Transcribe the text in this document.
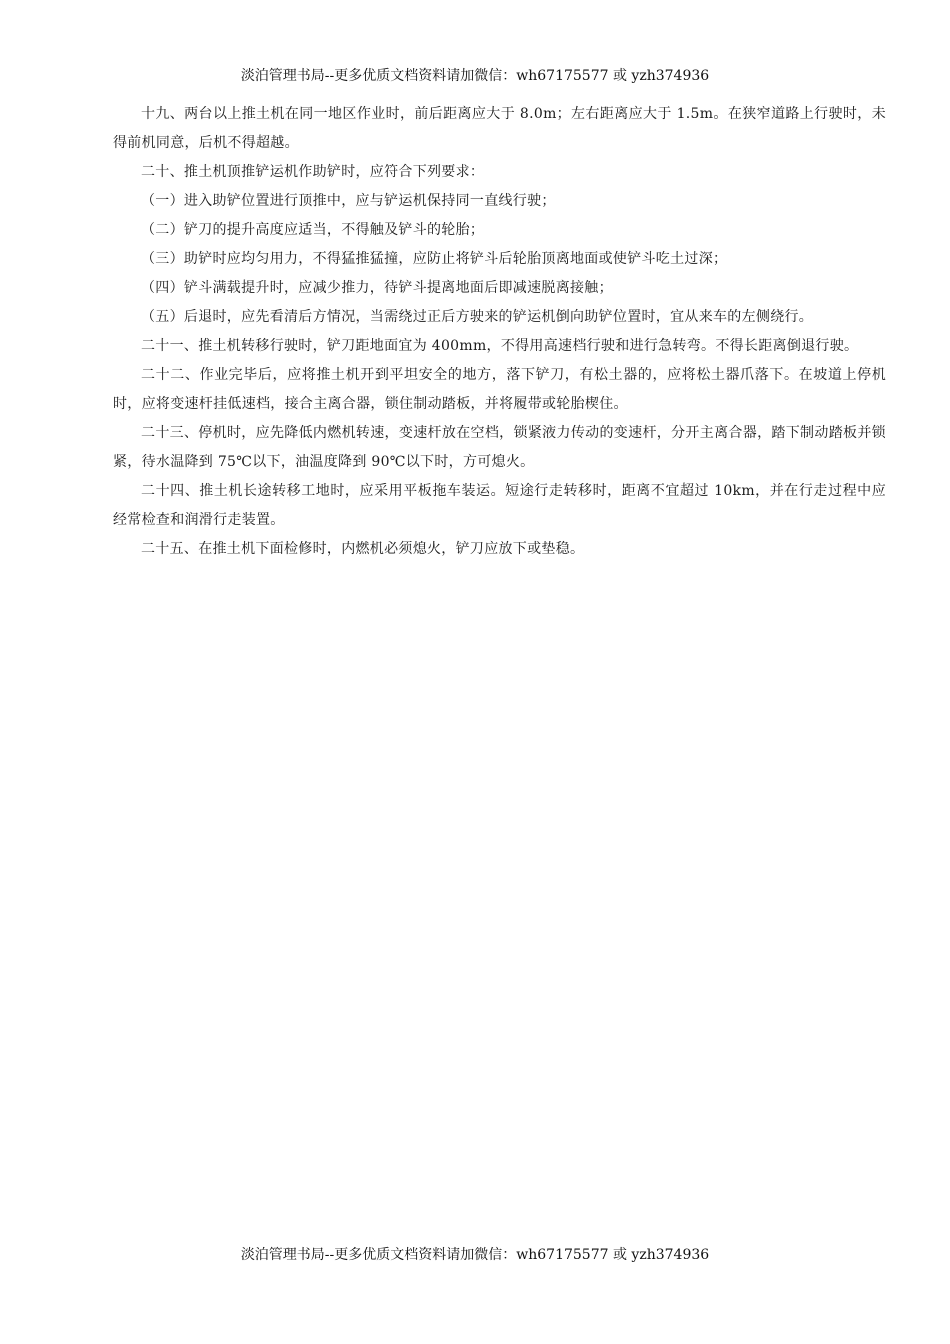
淡泊管理书局--更多优质文档资料请加微信：wh67175577 或 yzh374936

十九、两台以上推土机在同一地区作业时，前后距离应大于 8.0m；左右距离应大于 1.5m。在狭窄道路上行驶时，未得前机同意，后机不得超越。

二十、推土机顶推铲运机作助铲时，应符合下列要求：

（一）进入助铲位置进行顶推中，应与铲运机保持同一直线行驶；

（二）铲刀的提升高度应适当，不得触及铲斗的轮胎；

（三）助铲时应均匀用力，不得猛推猛撞，应防止将铲斗后轮胎顶离地面或使铲斗吃土过深；

（四）铲斗满载提升时，应减少推力，待铲斗提离地面后即减速脱离接触；

（五）后退时，应先看清后方情况，当需绕过正后方驶来的铲运机倒向助铲位置时，宜从来车的左侧绕行。

二十一、推土机转移行驶时，铲刀距地面宜为 400mm，不得用高速档行驶和进行急转弯。不得长距离倒退行驶。

二十二、作业完毕后，应将推土机开到平坦安全的地方，落下铲刀，有松土器的，应将松土器爪落下。在坡道上停机时，应将变速杆挂低速档，接合主离合器，锁住制动踏板，并将履带或轮胎楔住。

二十三、停机时，应先降低内燃机转速，变速杆放在空档，锁紧液力传动的变速杆，分开主离合器，踏下制动踏板并锁紧，待水温降到 75℃以下，油温度降到 90℃以下时，方可熄火。

二十四、推土机长途转移工地时，应采用平板拖车装运。短途行走转移时，距离不宜超过 10km，并在行走过程中应经常检查和润滑行走装置。

二十五、在推土机下面检修时，内燃机必须熄火，铲刀应放下或垫稳。

淡泊管理书局--更多优质文档资料请加微信：wh67175577 或 yzh374936
